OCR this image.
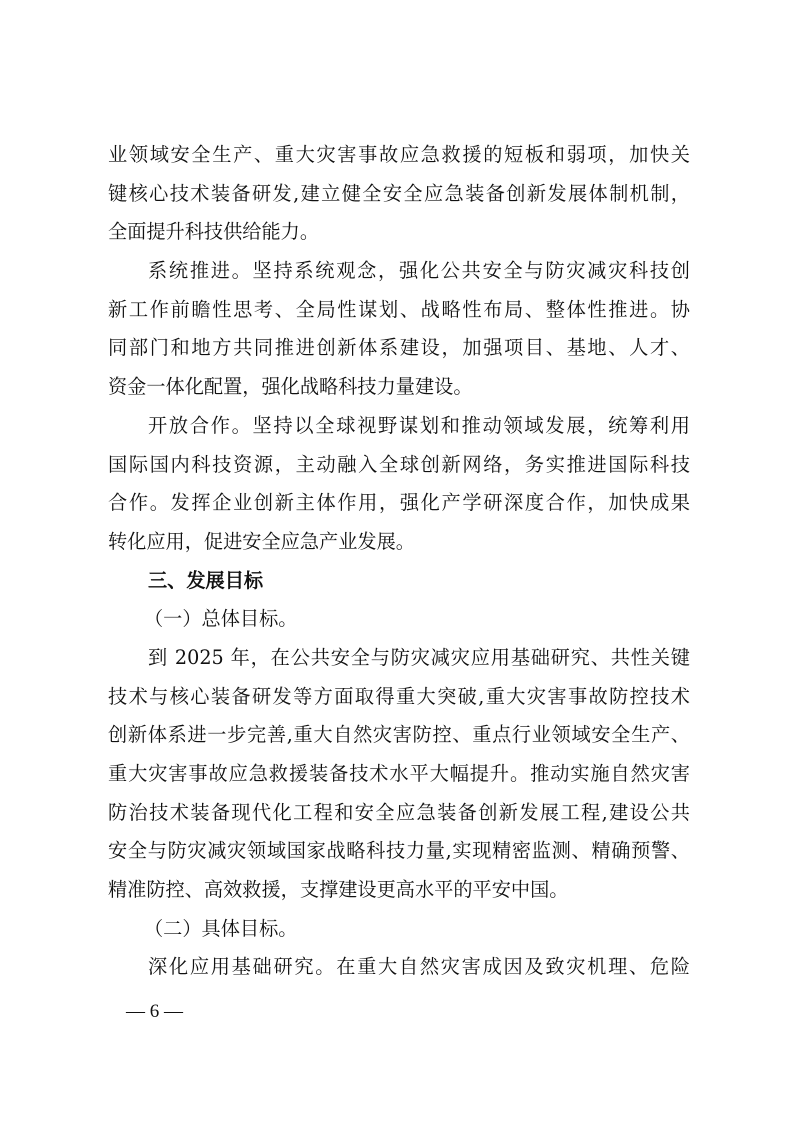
业领域安全生产、重大灾害事故应急救援的短板和弱项，加快关
键核心技术装备研发,建立健全安全应急装备创新发展体制机制，
全面提升科技供给能力。
系统推进。坚持系统观念，强化公共安全与防灾减灾科技创
新工作前瞻性思考、全局性谋划、战略性布局、整体性推进。协
同部门和地方共同推进创新体系建设，加强项目、基地、人才、
资金一体化配置，强化战略科技力量建设。
开放合作。坚持以全球视野谋划和推动领域发展，统筹利用
国际国内科技资源，主动融入全球创新网络，务实推进国际科技
合作。发挥企业创新主体作用，强化产学研深度合作，加快成果
转化应用，促进安全应急产业发展。
三、发展目标
（一）总体目标。
到 2025 年，在公共安全与防灾减灾应用基础研究、共性关键
技术与核心装备研发等方面取得重大突破,重大灾害事故防控技术
创新体系进一步完善,重大自然灾害防控、重点行业领域安全生产、
重大灾害事故应急救援装备技术水平大幅提升。推动实施自然灾害
防治技术装备现代化工程和安全应急装备创新发展工程,建设公共
安全与防灾减灾领域国家战略科技力量,实现精密监测、精确预警、
精准防控、高效救援，支撑建设更高水平的平安中国。
（二）具体目标。
深化应用基础研究。在重大自然灾害成因及致灾机理、危险
— 6 —
